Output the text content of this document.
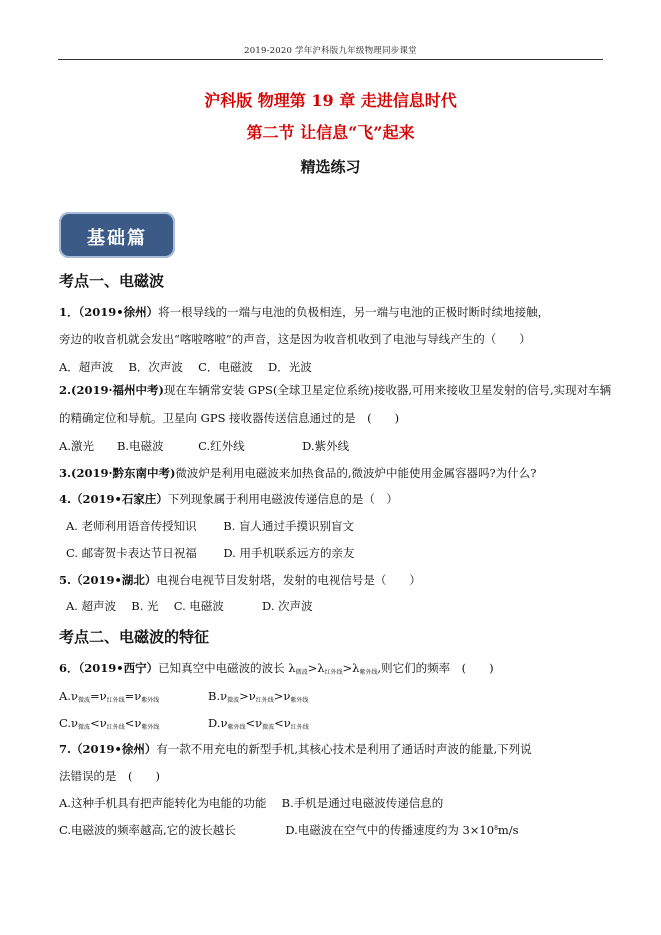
2019-2020 学年沪科版九年级物理同步课堂
沪科版 物理第 19 章 走进信息时代
第二节 让信息“飞”起来
精选练习
基础篇
考点一、电磁波
1．（2019•徐州）将一根导线的一端与电池的负极相连，另一端与电池的正极时断时续地接触，
旁边的收音机就会发出“喀啦喀啦”的声音，这是因为收音机收到了电池与导线产生的（　　）
A．超声波　 B．次声波　 C．电磁波　 D．光波
2.(2019·福州中考)现在车辆常安装 GPS(全球卫星定位系统)接收器,可用来接收卫星发射的信号,实现对车辆
的精确定位和导航。卫星向 GPS 接收器传送信息通过的是　(　　)
A.激光　　B.电磁波　　　C.红外线　　　　　D.紫外线
3.(2019·黔东南中考)微波炉是利用电磁波来加热食品的,微波炉中能使用金属容器吗?为什么?
4.（2019•石家庄）下列现象属于利用电磁波传递信息的是（　）
A. 老师利用语音传授知识　　 B. 盲人通过手摸识别盲文
C. 邮寄贺卡表达节日祝福　　 D. 用手机联系远方的亲友
5.（2019•湖北）电视台电视节目发射塔，发射的电视信号是（　　）
A. 超声波　 B. 光　 C. 电磁波　　　 D. 次声波
考点二、电磁波的特征
6．（2019•西宁）已知真空中电磁波的波长 $\lambda_{微波}>\lambda_{红外线}>\lambda_{紫外线}$,则它们的频率　(　　)
$A.\nu_{微波}=\nu_{红外线}=\nu_{紫外线}$	$B.\nu_{微波}>\nu_{红外线}>\nu_{紫外线}$
$C.\nu_{微波}<\nu_{红外线}<\nu_{紫外线}$	$D.\nu_{紫外线}<\nu_{微波}<\nu_{红外线}$
7.（2019•徐州）有一款不用充电的新型手机,其核心技术是利用了通话时声波的能量,下列说
法错误的是　(　　)
A.这种手机具有把声能转化为电能的功能　 B.手机是通过电磁波传递信息的
C.电磁波的频率越高,它的波长越长　　　　 D.电磁波在空气中的传播速度约为 $3\times 10^8m/s$
